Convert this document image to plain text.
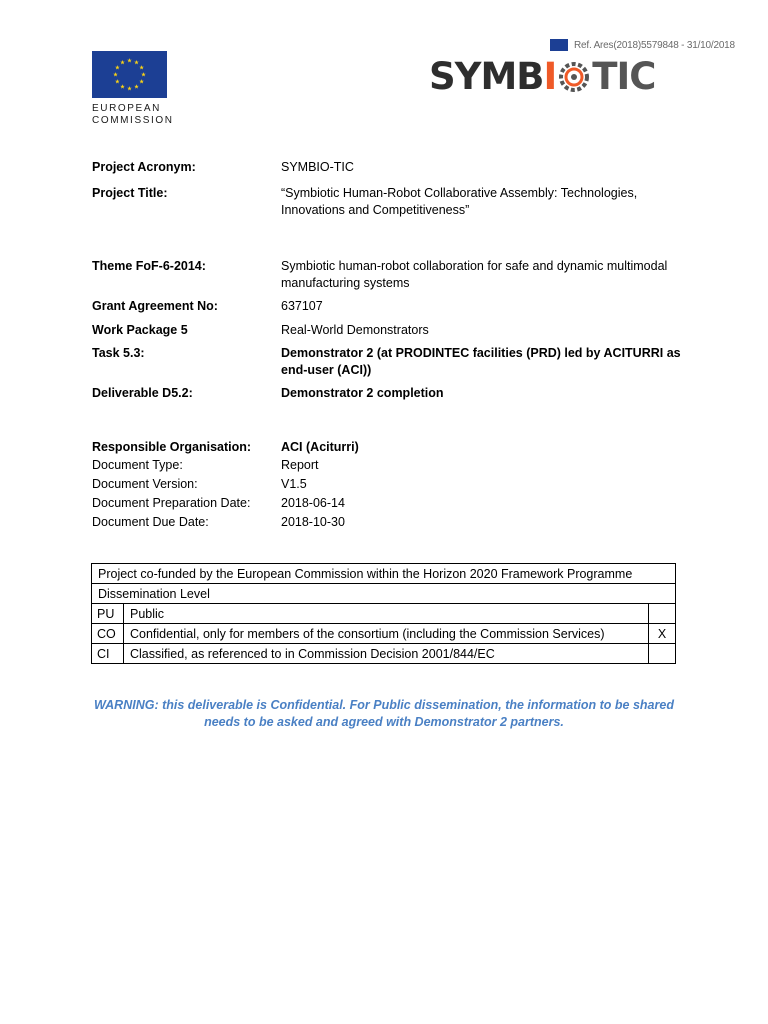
Ref. Ares(2018)5579848 - 31/10/2018
EUROPEAN
COMMISSION
SYMBI TIC
Project Acronym:	SYMBIO-TIC
Project Title:	“Symbiotic Human-Robot Collaborative Assembly: Technologies, Innovations and Competitiveness”
Theme FoF-6-2014:	Symbiotic human-robot collaboration for safe and dynamic multimodal manufacturing systems
Grant Agreement No:	637107
Work Package 5	Real-World Demonstrators
Task 5.3:	Demonstrator 2 (at PRODINTEC facilities (PRD) led by ACITURRI as end-user (ACI))
Deliverable D5.2:	Demonstrator 2 completion
Responsible Organisation: ACI (Aciturri)
Document Type:	Report
Document Version:	V1.5
Document Preparation Date: 2018-06-14
Document Due Date:	2018-10-30
Project co-funded by the European Commission within the Horizon 2020 Framework Programme		
Dissemination Level		
PU	Public	
CO	Confidential, only for members of the consortium (including the Commission Services)	X
CI	Classified, as referenced to in Commission Decision 2001/844/EC	
WARNING: this deliverable is Confidential. For Public dissemination, the information to be shared
needs to be asked and agreed with Demonstrator 2 partners.
